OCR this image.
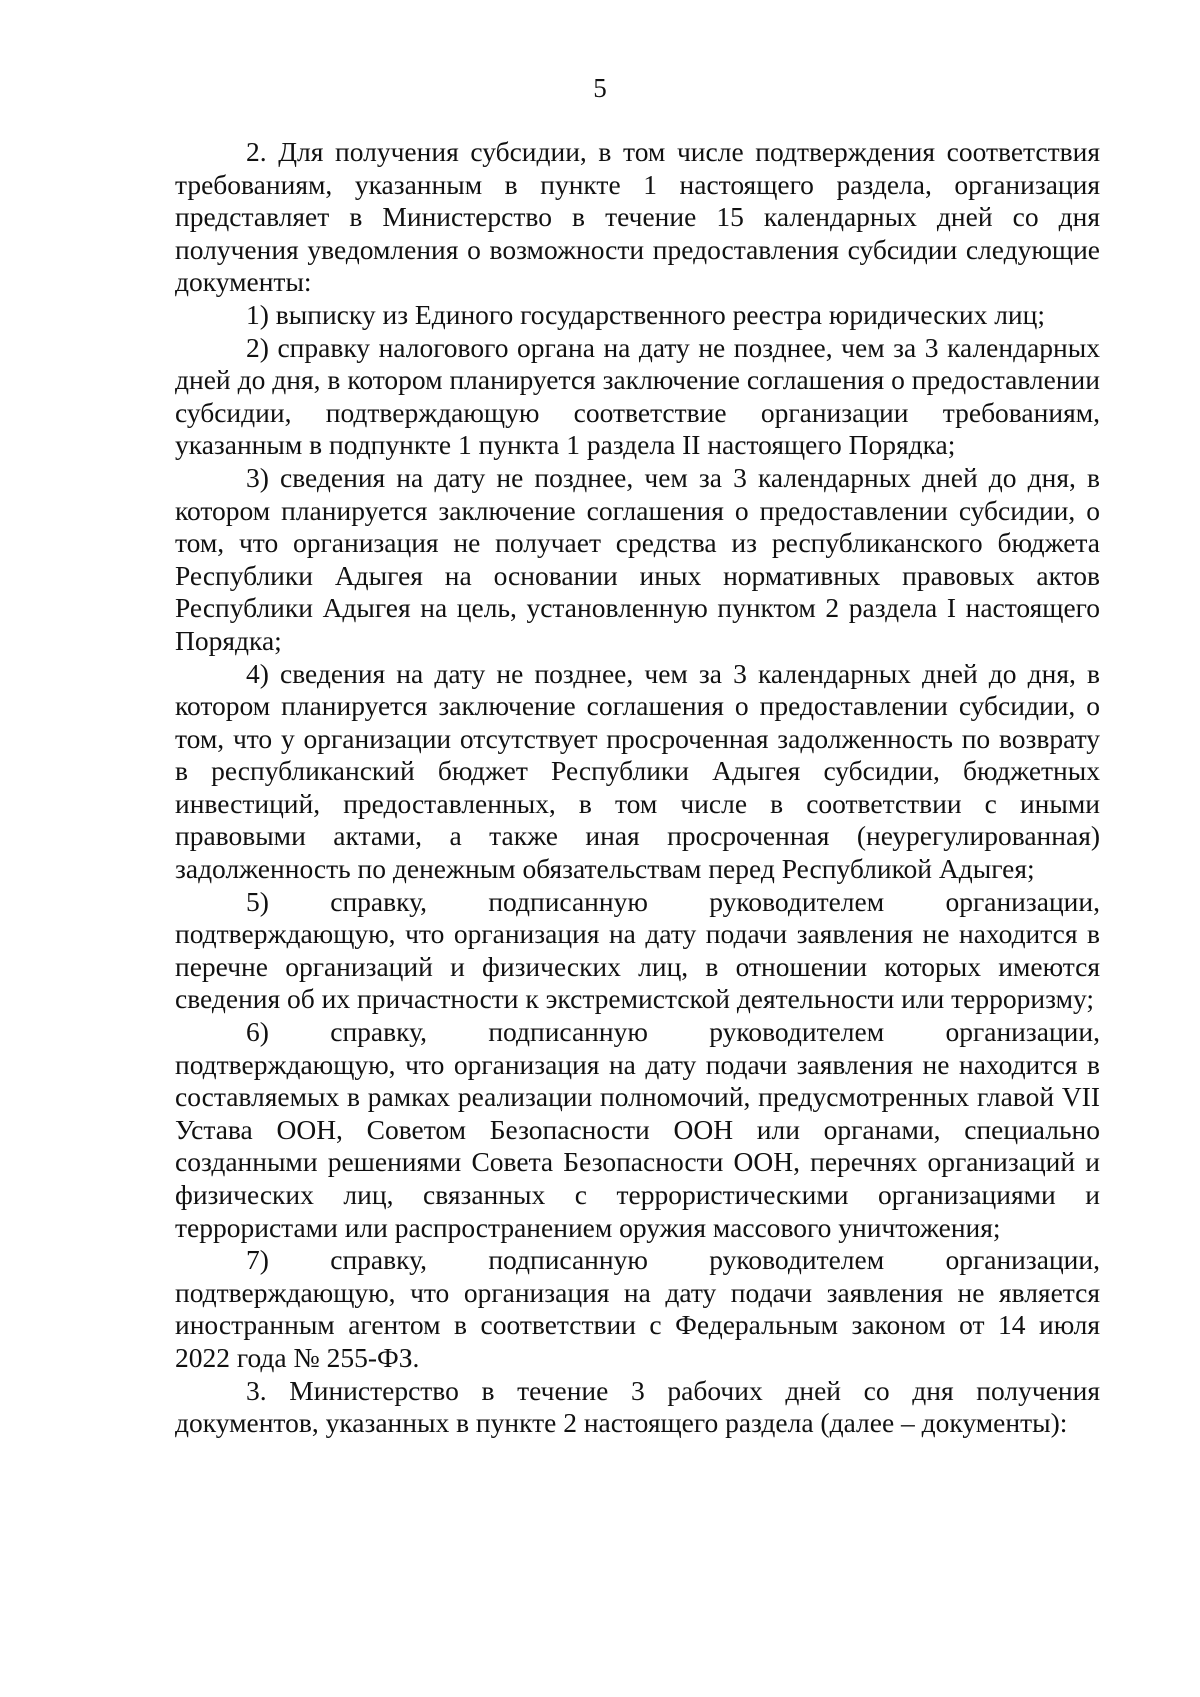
5

2. Для получения субсидии, в том числе подтверждения соответствия требованиям, указанным в пункте 1 настоящего раздела, организация представляет в Министерство в течение 15 календарных дней со дня получения уведомления о возможности предоставления субсидии следующие документы:

1) выписку из Единого государственного реестра юридических лиц;

2) справку налогового органа на дату не позднее, чем за 3 календарных дней до дня, в котором планируется заключение соглашения о предоставлении субсидии, подтверждающую соответствие организации требованиям, указанным в подпункте 1 пункта 1 раздела II настоящего Порядка;

3) сведения на дату не позднее, чем за 3 календарных дней до дня, в котором планируется заключение соглашения о предоставлении субсидии, о том, что организация не получает средства из республиканского бюджета Республики Адыгея на основании иных нормативных правовых актов Республики Адыгея на цель, установленную пунктом 2 раздела I настоящего Порядка;

4) сведения на дату не позднее, чем за 3 календарных дней до дня, в котором планируется заключение соглашения о предоставлении субсидии, о том, что у организации отсутствует просроченная задолженность по возврату в республиканский бюджет Республики Адыгея субсидии, бюджетных инвестиций, предоставленных, в том числе в соответствии с иными правовыми актами, а также иная просроченная (неурегулированная) задолженность по денежным обязательствам перед Республикой Адыгея;

5) справку, подписанную руководителем организации, подтверждающую, что организация на дату подачи заявления не находится в перечне организаций и физических лиц, в отношении которых имеются сведения об их причастности к экстремистской деятельности или терроризму;

6) справку, подписанную руководителем организации, подтверждающую, что организация на дату подачи заявления не находится в составляемых в рамках реализации полномочий, предусмотренных главой VII Устава ООН, Советом Безопасности ООН или органами, специально созданными решениями Совета Безопасности ООН, перечнях организаций и физических лиц, связанных с террористическими организациями и террористами или распространением оружия массового уничтожения;

7) справку, подписанную руководителем организации, подтверждающую, что организация на дату подачи заявления не является иностранным агентом в соответствии с Федеральным законом от 14 июля 2022 года № 255-ФЗ.

3. Министерство в течение 3 рабочих дней со дня получения документов, указанных в пункте 2 настоящего раздела (далее – документы):
